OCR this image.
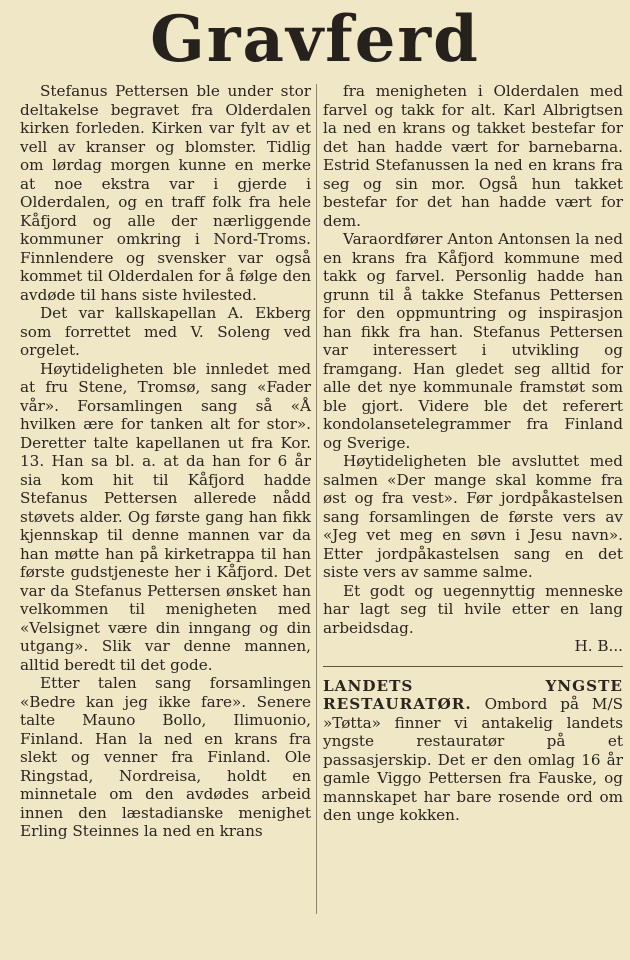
Gravferd

Stefanus Pettersen ble under stor deltakelse begravet fra Olderdalen kirken forleden. Kirken var fylt av et vell av kranser og blomster. Tidlig om lørdag morgen kunne en merke at noe ekstra var i gjerde i Olderdalen, og en traff folk fra hele Kåfjord og alle der nærliggende kommuner omkring i Nord-Troms. Finnlendere og svensker var også kommet til Olderdalen for å følge den avdøde til hans siste hvilested.

Det var kallskapellan A. Ekberg som forrettet med V. Soleng ved orgelet.

Høytideligheten ble innledet med at fru Stene, Tromsø, sang «Fader vår». Forsamlingen sang så «Å hvilken ære for tanken alt for stor». Deretter talte kapellanen ut fra Kor. 13. Han sa bl. a. at da han for 6 år sia kom hit til Kåfjord hadde Stefanus Pettersen allerede nådd støvets alder. Og første gang han fikk kjennskap til denne mannen var da han møtte han på kirketrappa til han første gudstjeneste her i Kåfjord. Det var da Stefanus Pettersen ønsket han velkommen til menigheten med «Velsignet være din inngang og din utgang». Slik var denne mannen, alltid beredt til det gode.

Etter talen sang forsamlingen «Bedre kan jeg ikke fare». Senere talte Mauno Bollo, Ilimuonio, Finland. Han la ned en krans fra slekt og venner fra Finland. Ole Ringstad, Nordreisa, holdt en minnetale om den avdødes arbeid innen den læstadianske menighet Erling Steinnes la ned en krans

fra menigheten i Olderdalen med farvel og takk for alt. Karl Albrigtsen la ned en krans og takket bestefar for det han hadde vært for barnebarna. Estrid Stefanussen la ned en krans fra seg og sin mor. Også hun takket bestefar for det han hadde vært for dem.

Varaordfører Anton Antonsen la ned en krans fra Kåfjord kommune med takk og farvel. Personlig hadde han grunn til å takke Stefanus Pettersen for den oppmuntring og inspirasjon han fikk fra han. Stefanus Pettersen var interessert i utvikling og framgang. Han gledet seg alltid for alle det nye kommunale framstøt som ble gjort. Videre ble det referert kondolansetelegrammer fra Finland og Sverige.

Høytideligheten ble avsluttet med salmen «Der mange skal komme fra øst og fra vest». Før jordpåkastelsen sang forsamlingen de første vers av «Jeg vet meg en søvn i Jesu navn». Etter jordpåkastelsen sang en det siste vers av samme salme.

Et godt og uegennyttig menneske har lagt seg til hvile etter en lang arbeidsdag.

H. B...

LANDETS YNGSTE RESTAURATØR. Ombord på M/S »Tøtta» finner vi antakelig landets yngste restauratør på et passasjerskip. Det er den omlag 16 år gamle Viggo Pettersen fra Fauske, og mannskapet har bare rosende ord om den unge kokken.
